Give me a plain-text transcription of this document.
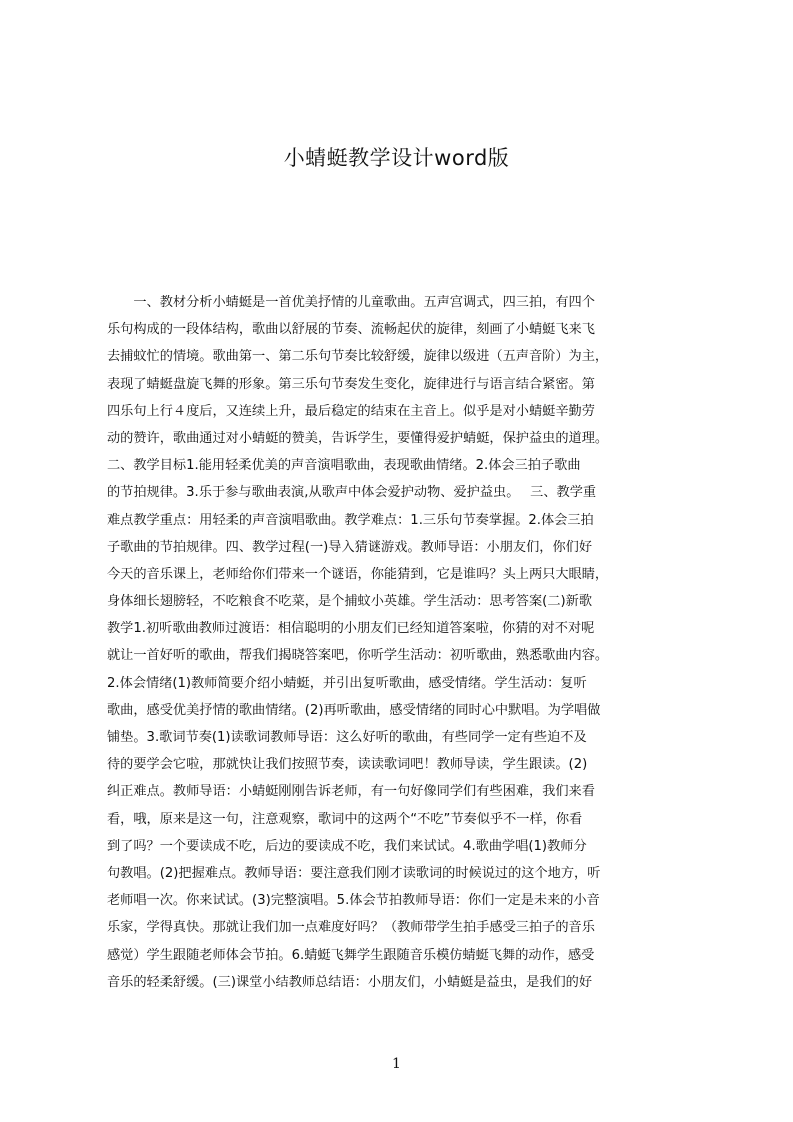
小蜻蜓教学设计word版
　　一、教材分析小蜻蜓是一首优美抒情的儿童歌曲。五声宫调式，四三拍，有四个
乐句构成的一段体结构，歌曲以舒展的节奏、流畅起伏的旋律，刻画了小蜻蜓飞来飞
去捕蚊忙的情境。歌曲第一、第二乐句节奏比较舒缓，旋律以级进（五声音阶）为主，
表现了蜻蜓盘旋飞舞的形象。第三乐句节奏发生变化，旋律进行与语言结合紧密。第
四乐句上行４度后，又连续上升，最后稳定的结束在主音上。似乎是对小蜻蜓辛勤劳
动的赞许，歌曲通过对小蜻蜓的赞美，告诉学生，要懂得爱护蜻蜓，保护益虫的道理。
二、教学目标1.能用轻柔优美的声音演唱歌曲，表现歌曲情绪。2.体会三拍子歌曲
的节拍规律。3.乐于参与歌曲表演,从歌声中体会爱护动物、爱护益虫。　 三、教学重
难点教学重点：用轻柔的声音演唱歌曲。教学难点：1.三乐句节奏掌握。2.体会三拍
子歌曲的节拍规律。四、教学过程(一)导入猜谜游戏。教师导语：小朋友们，你们好
今天的音乐课上，老师给你们带来一个谜语，你能猜到，它是谁吗？头上两只大眼睛，
身体细长翅膀轻，不吃粮食不吃菜，是个捕蚊小英雄。学生活动：思考答案(二)新歌
教学1.初听歌曲教师过渡语：相信聪明的小朋友们已经知道答案啦，你猜的对不对呢
就让一首好听的歌曲，帮我们揭晓答案吧，你听学生活动：初听歌曲，熟悉歌曲内容。
2.体会情绪(1)教师简要介绍小蜻蜓，并引出复听歌曲，感受情绪。学生活动：复听
歌曲，感受优美抒情的歌曲情绪。(2)再听歌曲，感受情绪的同时心中默唱。为学唱做
铺垫。3.歌词节奏(1)读歌词教师导语：这么好听的歌曲，有些同学一定有些迫不及
待的要学会它啦，那就快让我们按照节奏，读读歌词吧！教师导读，学生跟读。(2)
纠正难点。教师导语：小蜻蜓刚刚告诉老师，有一句好像同学们有些困难，我们来看
看，哦，原来是这一句，注意观察，歌词中的这两个“不吃”节奏似乎不一样，你看
到了吗？一个要读成不吃，后边的要读成不吃，我们来试试。4.歌曲学唱(1)教师分
句教唱。(2)把握难点。教师导语：要注意我们刚才读歌词的时候说过的这个地方，听
老师唱一次。你来试试。(3)完整演唱。5.体会节拍教师导语：你们一定是未来的小音
乐家，学得真快。那就让我们加一点难度好吗？（教师带学生拍手感受三拍子的音乐
感觉）学生跟随老师体会节拍。6.蜻蜓飞舞学生跟随音乐模仿蜻蜓飞舞的动作，感受
音乐的轻柔舒缓。(三)课堂小结教师总结语：小朋友们，小蜻蜓是益虫，是我们的好
1
